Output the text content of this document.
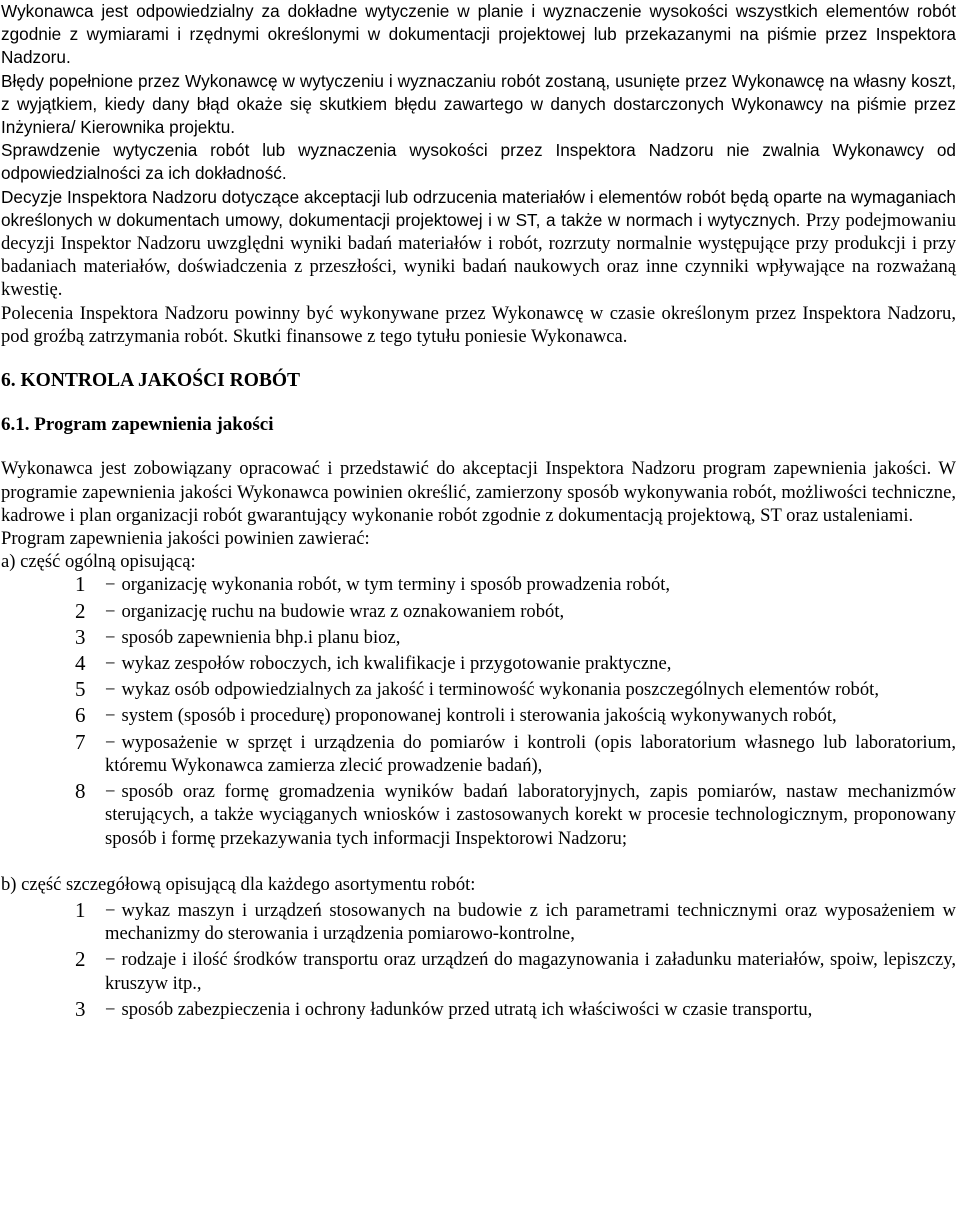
Wykonawca jest odpowiedzialny za dokładne wytyczenie w planie i wyznaczenie wysokości wszystkich elementów robót zgodnie z wymiarami i rzędnymi określonymi w dokumentacji projektowej lub przekazanymi na piśmie przez Inspektora Nadzoru.

Błędy popełnione przez Wykonawcę w wytyczeniu i wyznaczaniu robót zostaną, usunięte przez Wykonawcę na własny koszt, z wyjątkiem, kiedy dany błąd okaże się skutkiem błędu zawartego w danych dostarczonych Wykonawcy na piśmie przez Inżyniera/ Kierownika projektu.

Sprawdzenie wytyczenia robót lub wyznaczenia wysokości przez Inspektora Nadzoru nie zwalnia Wykonawcy od odpowiedzialności za ich dokładność.

Decyzje Inspektora Nadzoru dotyczące akceptacji lub odrzucenia materiałów i elementów robót będą oparte na wymaganiach określonych w dokumentach umowy, dokumentacji projektowej i w ST, a także w normach i wytycznych. Przy podejmowaniu decyzji Inspektor Nadzoru uwzględni wyniki badań materiałów i robót, rozrzuty normalnie występujące przy produkcji i przy badaniach materiałów, doświadczenia z przeszłości, wyniki badań naukowych oraz inne czynniki wpływające na rozważaną kwestię.

Polecenia Inspektora Nadzoru powinny być wykonywane przez Wykonawcę w czasie określonym przez Inspektora Nadzoru, pod groźbą zatrzymania robót. Skutki finansowe z tego tytułu poniesie Wykonawca.

6. KONTROLA JAKOŚCI ROBÓT

6.1. Program zapewnienia jakości

Wykonawca jest zobowiązany opracować i przedstawić do akceptacji Inspektora Nadzoru program zapewnienia jakości. W programie zapewnienia jakości Wykonawca powinien określić, zamierzony sposób wykonywania robót, możliwości techniczne, kadrowe i plan organizacji robót gwarantujący wykonanie robót zgodnie z dokumentacją projektową, ST oraz ustaleniami.

Program zapewnienia jakości powinien zawierać:

a) część ogólną opisującą:

1 − organizację wykonania robót, w tym terminy i sposób prowadzenia robót,
2 − organizację ruchu na budowie wraz z oznakowaniem robót,
3 − sposób zapewnienia bhp.i planu bioz,
4 − wykaz zespołów roboczych, ich kwalifikacje i przygotowanie praktyczne,
5 − wykaz osób odpowiedzialnych za jakość i terminowość wykonania poszczególnych elementów robót,
6 − system (sposób i procedurę) proponowanej kontroli i sterowania jakością wykonywanych robót,
7 − wyposażenie w sprzęt i urządzenia do pomiarów i kontroli (opis laboratorium własnego lub laboratorium, któremu Wykonawca zamierza zlecić prowadzenie badań),
8 − sposób oraz formę gromadzenia wyników badań laboratoryjnych, zapis pomiarów, nastaw mechanizmów sterujących, a także wyciąganych wniosków i zastosowanych korekt w procesie technologicznym, proponowany sposób i formę przekazywania tych informacji Inspektorowi Nadzoru;

b) część szczegółową opisującą dla każdego asortymentu robót:

1 − wykaz maszyn i urządzeń stosowanych na budowie z ich parametrami technicznymi oraz wyposażeniem w mechanizmy do sterowania i urządzenia pomiarowo-kontrolne,
2 − rodzaje i ilość środków transportu oraz urządzeń do magazynowania i załadunku materiałów, spoiw, lepiszczy, kruszyw itp.,
3 − sposób zabezpieczenia i ochrony ładunków przed utratą ich właściwości w czasie transportu,
